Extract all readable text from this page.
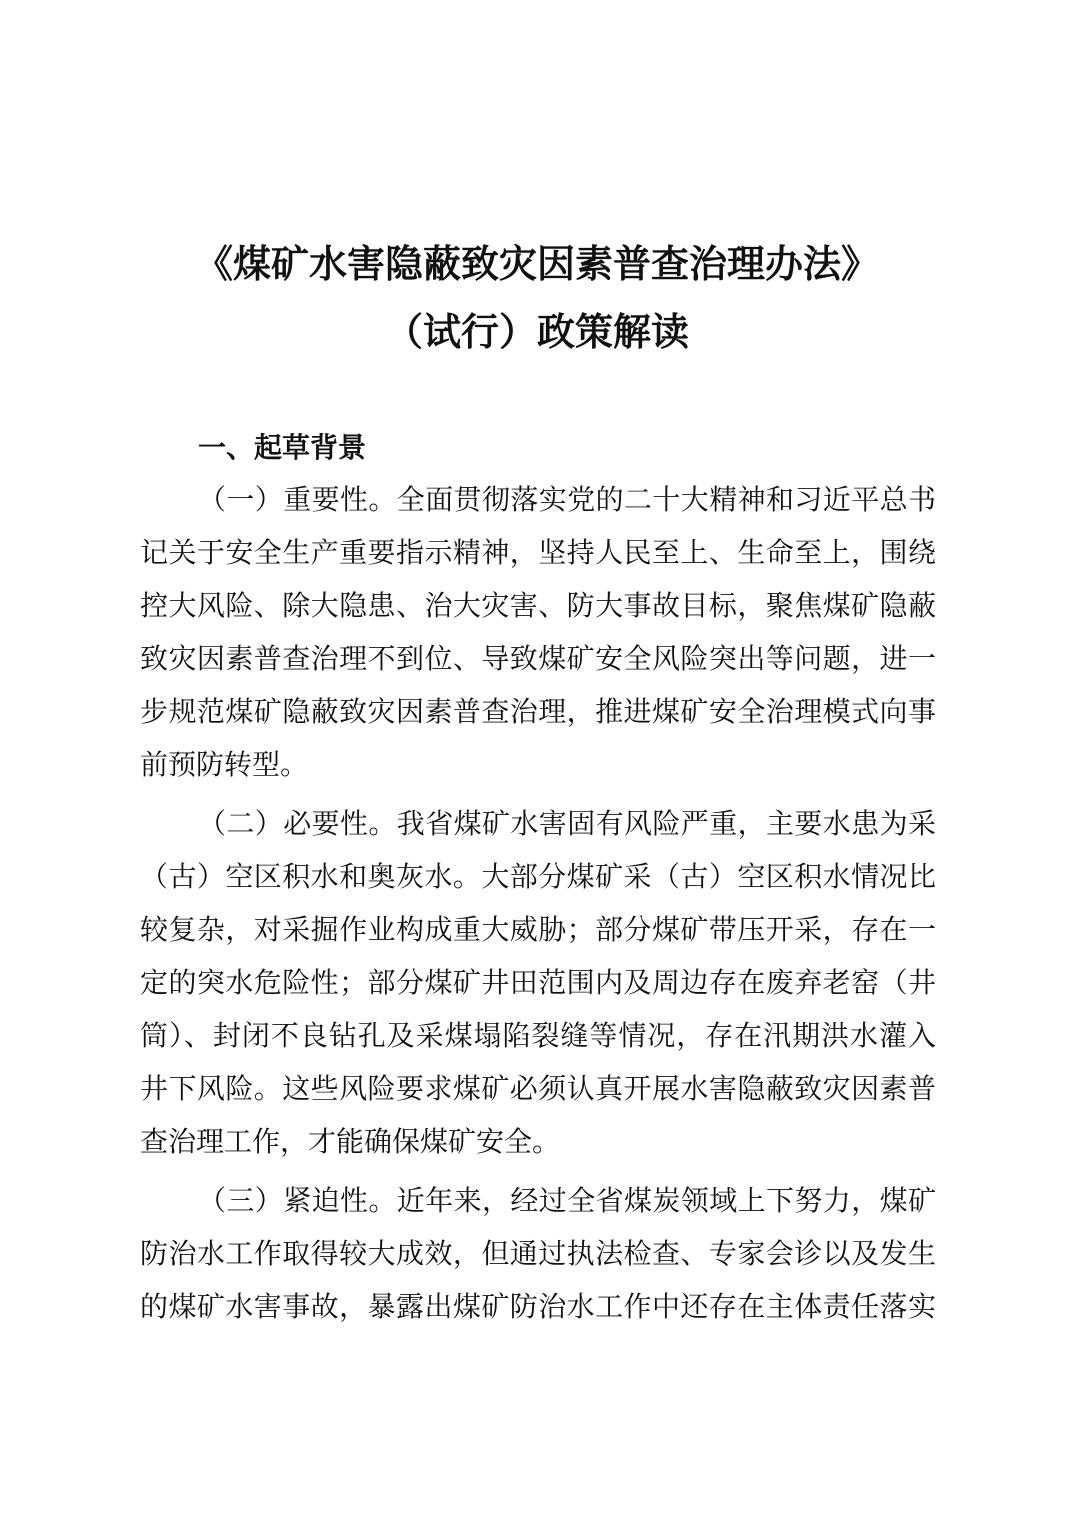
《煤矿水害隐蔽致灾因素普查治理办法》
（试行）政策解读
一、起草背景
（一）重要性。全面贯彻落实党的二十大精神和习近平总书
记关于安全生产重要指示精神，坚持人民至上、生命至上，围绕
控大风险、除大隐患、治大灾害、防大事故目标，聚焦煤矿隐蔽
致灾因素普查治理不到位、导致煤矿安全风险突出等问题，进一
步规范煤矿隐蔽致灾因素普查治理，推进煤矿安全治理模式向事
前预防转型。
（二）必要性。我省煤矿水害固有风险严重，主要水患为采
（古）空区积水和奥灰水。大部分煤矿采（古）空区积水情况比
较复杂，对采掘作业构成重大威胁；部分煤矿带压开采，存在一
定的突水危险性；部分煤矿井田范围内及周边存在废弃老窑（井
筒）、封闭不良钻孔及采煤塌陷裂缝等情况，存在汛期洪水灌入
井下风险。这些风险要求煤矿必须认真开展水害隐蔽致灾因素普
查治理工作，才能确保煤矿安全。
（三）紧迫性。近年来，经过全省煤炭领域上下努力，煤矿
防治水工作取得较大成效，但通过执法检查、专家会诊以及发生
的煤矿水害事故，暴露出煤矿防治水工作中还存在主体责任落实
